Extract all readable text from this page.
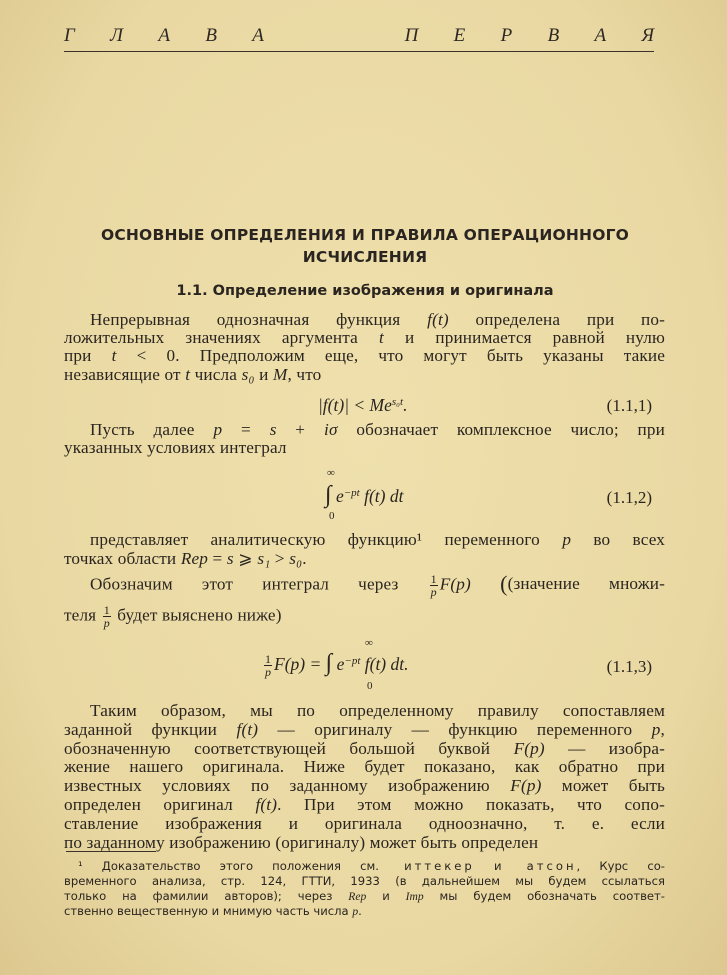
Г Л А В А	П Е Р В А Я
ОСНОВНЫЕ ОПРЕДЕЛЕНИЯ И ПРАВИЛА ОПЕРАЦИОННОГО
ИСЧИСЛЕНИЯ
1.1. Определение изображения и оригинала
Непрерывная однозначная функция $f(t) определена при по-
ложительных значениях аргумента $t и принимается равной нулю
при $t < 0. Предположим еще, что могут быть указаны такие
независящие от $t числа $s₀ и $M, что
$|f(t)| < Me^{s_0t}$.	(1.1,1)
Пусть далее $p = $s + $iσ обозначает комплексное число; при
указанных условиях интеграл
∞
∫ $e^{-pt}$ f(t) dt
0
(1.1,2)
представляет аналитическую функцию¹ переменного $p во всех
точках области $Rep = $s ⩾ $s₁ > $s₀.
Обозначим этот интеграл через	$\frac{1}{p} F(p)$ ((значение множи-
теля $\frac{1}{p}$ будет выяснено ниже)
∞
$\frac{1}{p} F(p)$ = ∫ $e^{-pt}$ f(t) dt.
0
(1.1,3)
Таким образом, мы по определенному правилу сопоставляем
заданной функции $f(t) — оригиналу — функцию переменного $p,
обозначенную соответствующей большой буквой $F(p) — изобра-
жение нашего оригинала. Ниже будет показано, как обратно при
известных условиях по заданному изображению $F(p) может быть
определен оригинал $f(t). При этом можно показать, что сопо-
ставление изображения и оригинала одноозначно, т. е. если
по заданному изображению (оригиналу) может быть определен
¹ Доказательство этого положения см. #Уиттекер и #Ватсон, Курс со-
временного анализа, стр. 124, ГТТИ, 1933 (в дальнейшем мы будем ссылаться
только на фамилии авторов); через $Rep и $Imp мы будем обозначать соответ-
ственно вещественную и мнимую часть числа $p.
